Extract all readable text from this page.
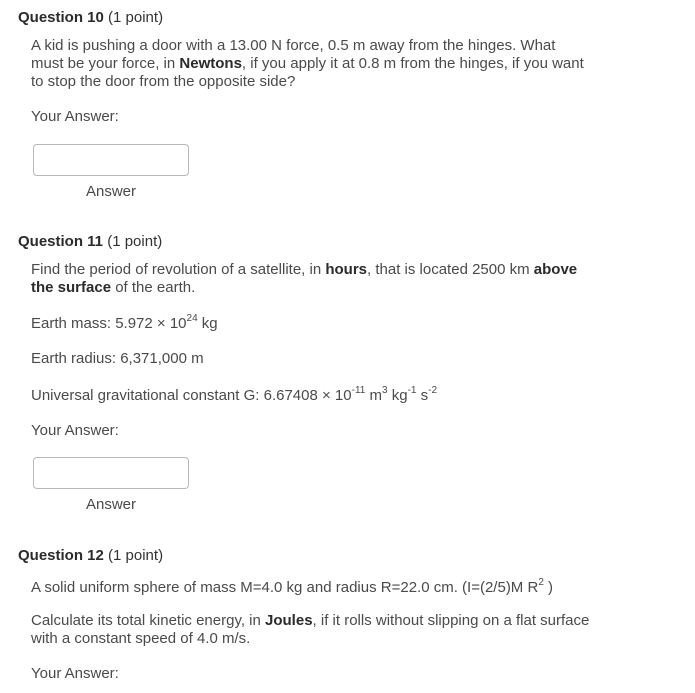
Question 10 (1 point)
A kid is pushing a door with a 13.00 N force, 0.5 m away from the hinges. What
must be your force, in Newtons, if you apply it at 0.8 m from the hinges, if you want
to stop the door from the opposite side?
Your Answer:
Answer
Question 11 (1 point)
Find the period of revolution of a satellite, in hours, that is located 2500 km above
the surface of the earth.
Earth mass: $5.972 \times 10^{24}$ kg
Earth radius: 6,371,000 m
Universal gravitational constant G: $6.67408 \times 10^{-11}$ $m^3$ $kg^{-1}$ $s^{-2}$
Your Answer:
Answer
Question 12 (1 point)
A solid uniform sphere of mass M=4.0 kg and radius R=22.0 cm. (I=(2/5)M $R^2$ )
Calculate its total kinetic energy, in Joules, if it rolls without slipping on a flat surface
with a constant speed of 4.0 m/s.
Your Answer:
